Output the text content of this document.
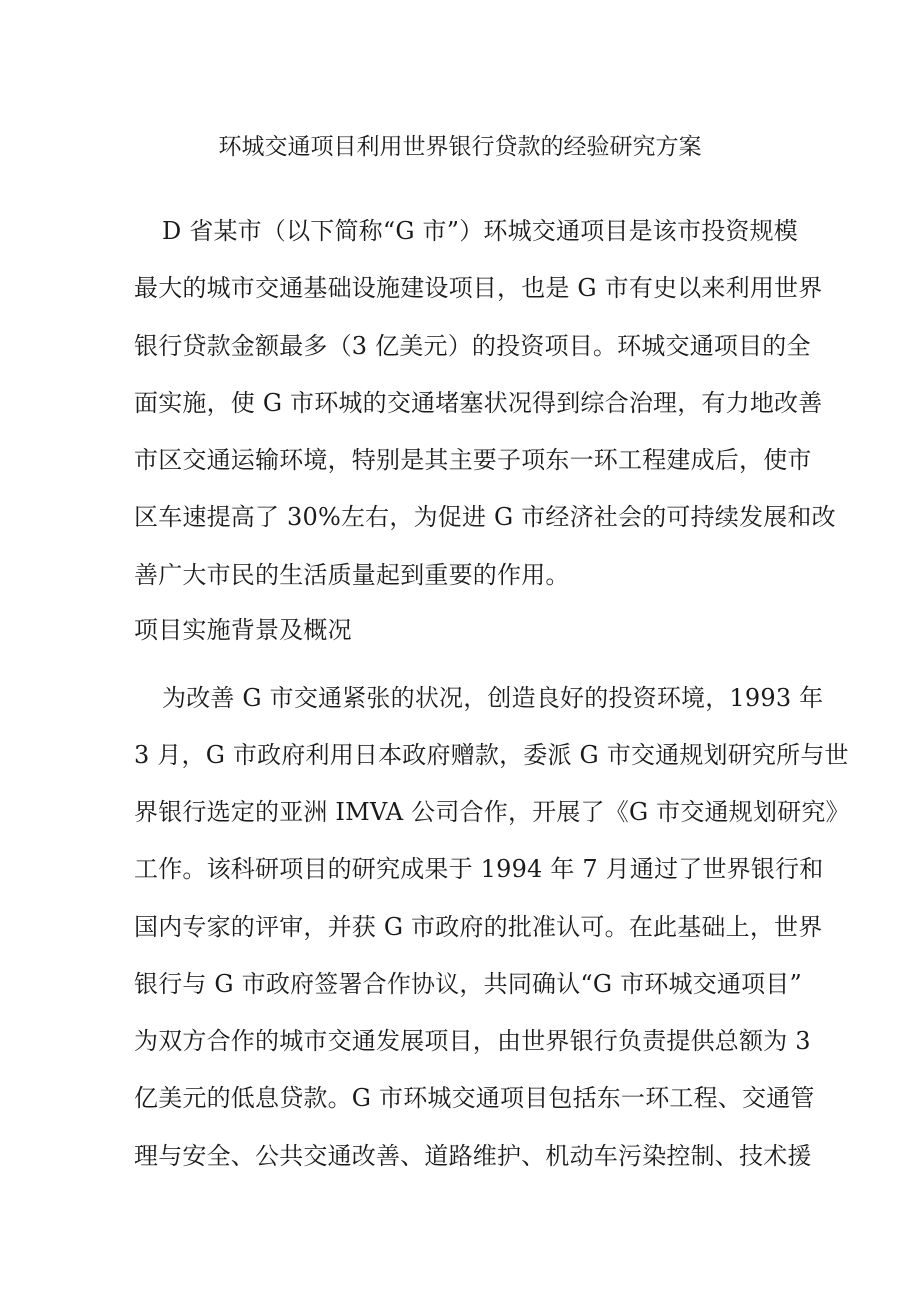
环城交通项目利用世界银行贷款的经验研究方案
D 省某市（以下简称“G 市”）环城交通项目是该市投资规模
最大的城市交通基础设施建设项目，也是 G 市有史以来利用世界
银行贷款金额最多（3 亿美元）的投资项目。环城交通项目的全
面实施，使 G 市环城的交通堵塞状况得到综合治理，有力地改善
市区交通运输环境，特别是其主要子项东一环工程建成后，使市
区车速提高了 30%左右，为促进 G 市经济社会的可持续发展和改
善广大市民的生活质量起到重要的作用。
项目实施背景及概况
为改善 G 市交通紧张的状况，创造良好的投资环境，1993 年
3 月，G 市政府利用日本政府赠款，委派 G 市交通规划研究所与世
界银行选定的亚洲 IMVA 公司合作，开展了《G 市交通规划研究》
工作。该科研项目的研究成果于 1994 年 7 月通过了世界银行和
国内专家的评审，并获 G 市政府的批准认可。在此基础上，世界
银行与 G 市政府签署合作协议，共同确认“G 市环城交通项目”
为双方合作的城市交通发展项目，由世界银行负责提供总额为 3
亿美元的低息贷款。G 市环城交通项目包括东一环工程、交通管
理与安全、公共交通改善、道路维护、机动车污染控制、技术援
